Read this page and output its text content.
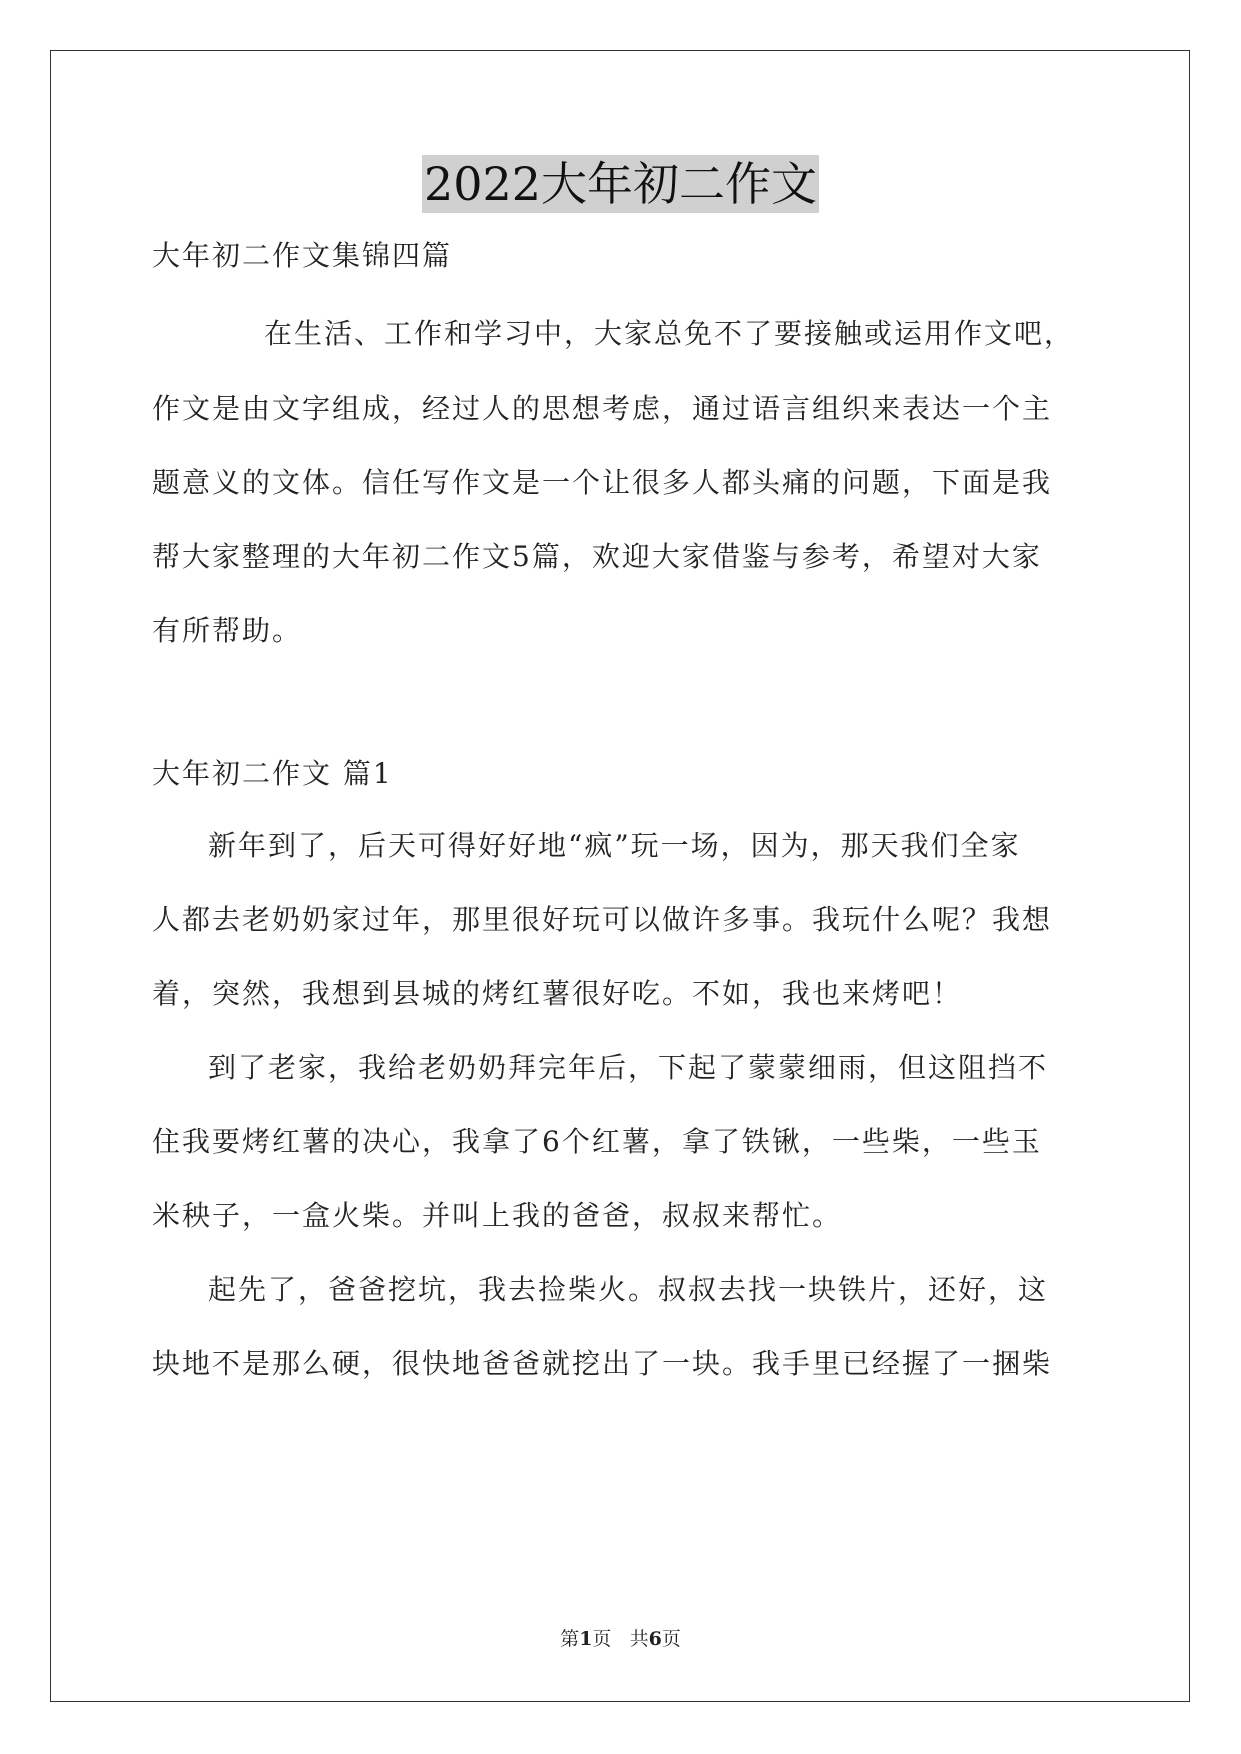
2022大年初二作文
大年初二作文集锦四篇
在生活、工作和学习中，大家总免不了要接触或运用作文吧，
作文是由文字组成，经过人的思想考虑，通过语言组织来表达一个主
题意义的文体。信任写作文是一个让很多人都头痛的问题，下面是我
帮大家整理的大年初二作文5篇，欢迎大家借鉴与参考，希望对大家
有所帮助。
大年初二作文 篇1
新年到了，后天可得好好地“疯”玩一场，因为，那天我们全家
人都去老奶奶家过年，那里很好玩可以做许多事。我玩什么呢？我想
着，突然，我想到县城的烤红薯很好吃。不如，我也来烤吧！
到了老家，我给老奶奶拜完年后，下起了蒙蒙细雨，但这阻挡不
住我要烤红薯的决心，我拿了6个红薯，拿了铁锹，一些柴，一些玉
米秧子，一盒火柴。并叫上我的爸爸，叔叔来帮忙。
起先了，爸爸挖坑，我去捡柴火。叔叔去找一块铁片，还好，这
块地不是那么硬，很快地爸爸就挖出了一块。我手里已经握了一捆柴
第1页 共6页
